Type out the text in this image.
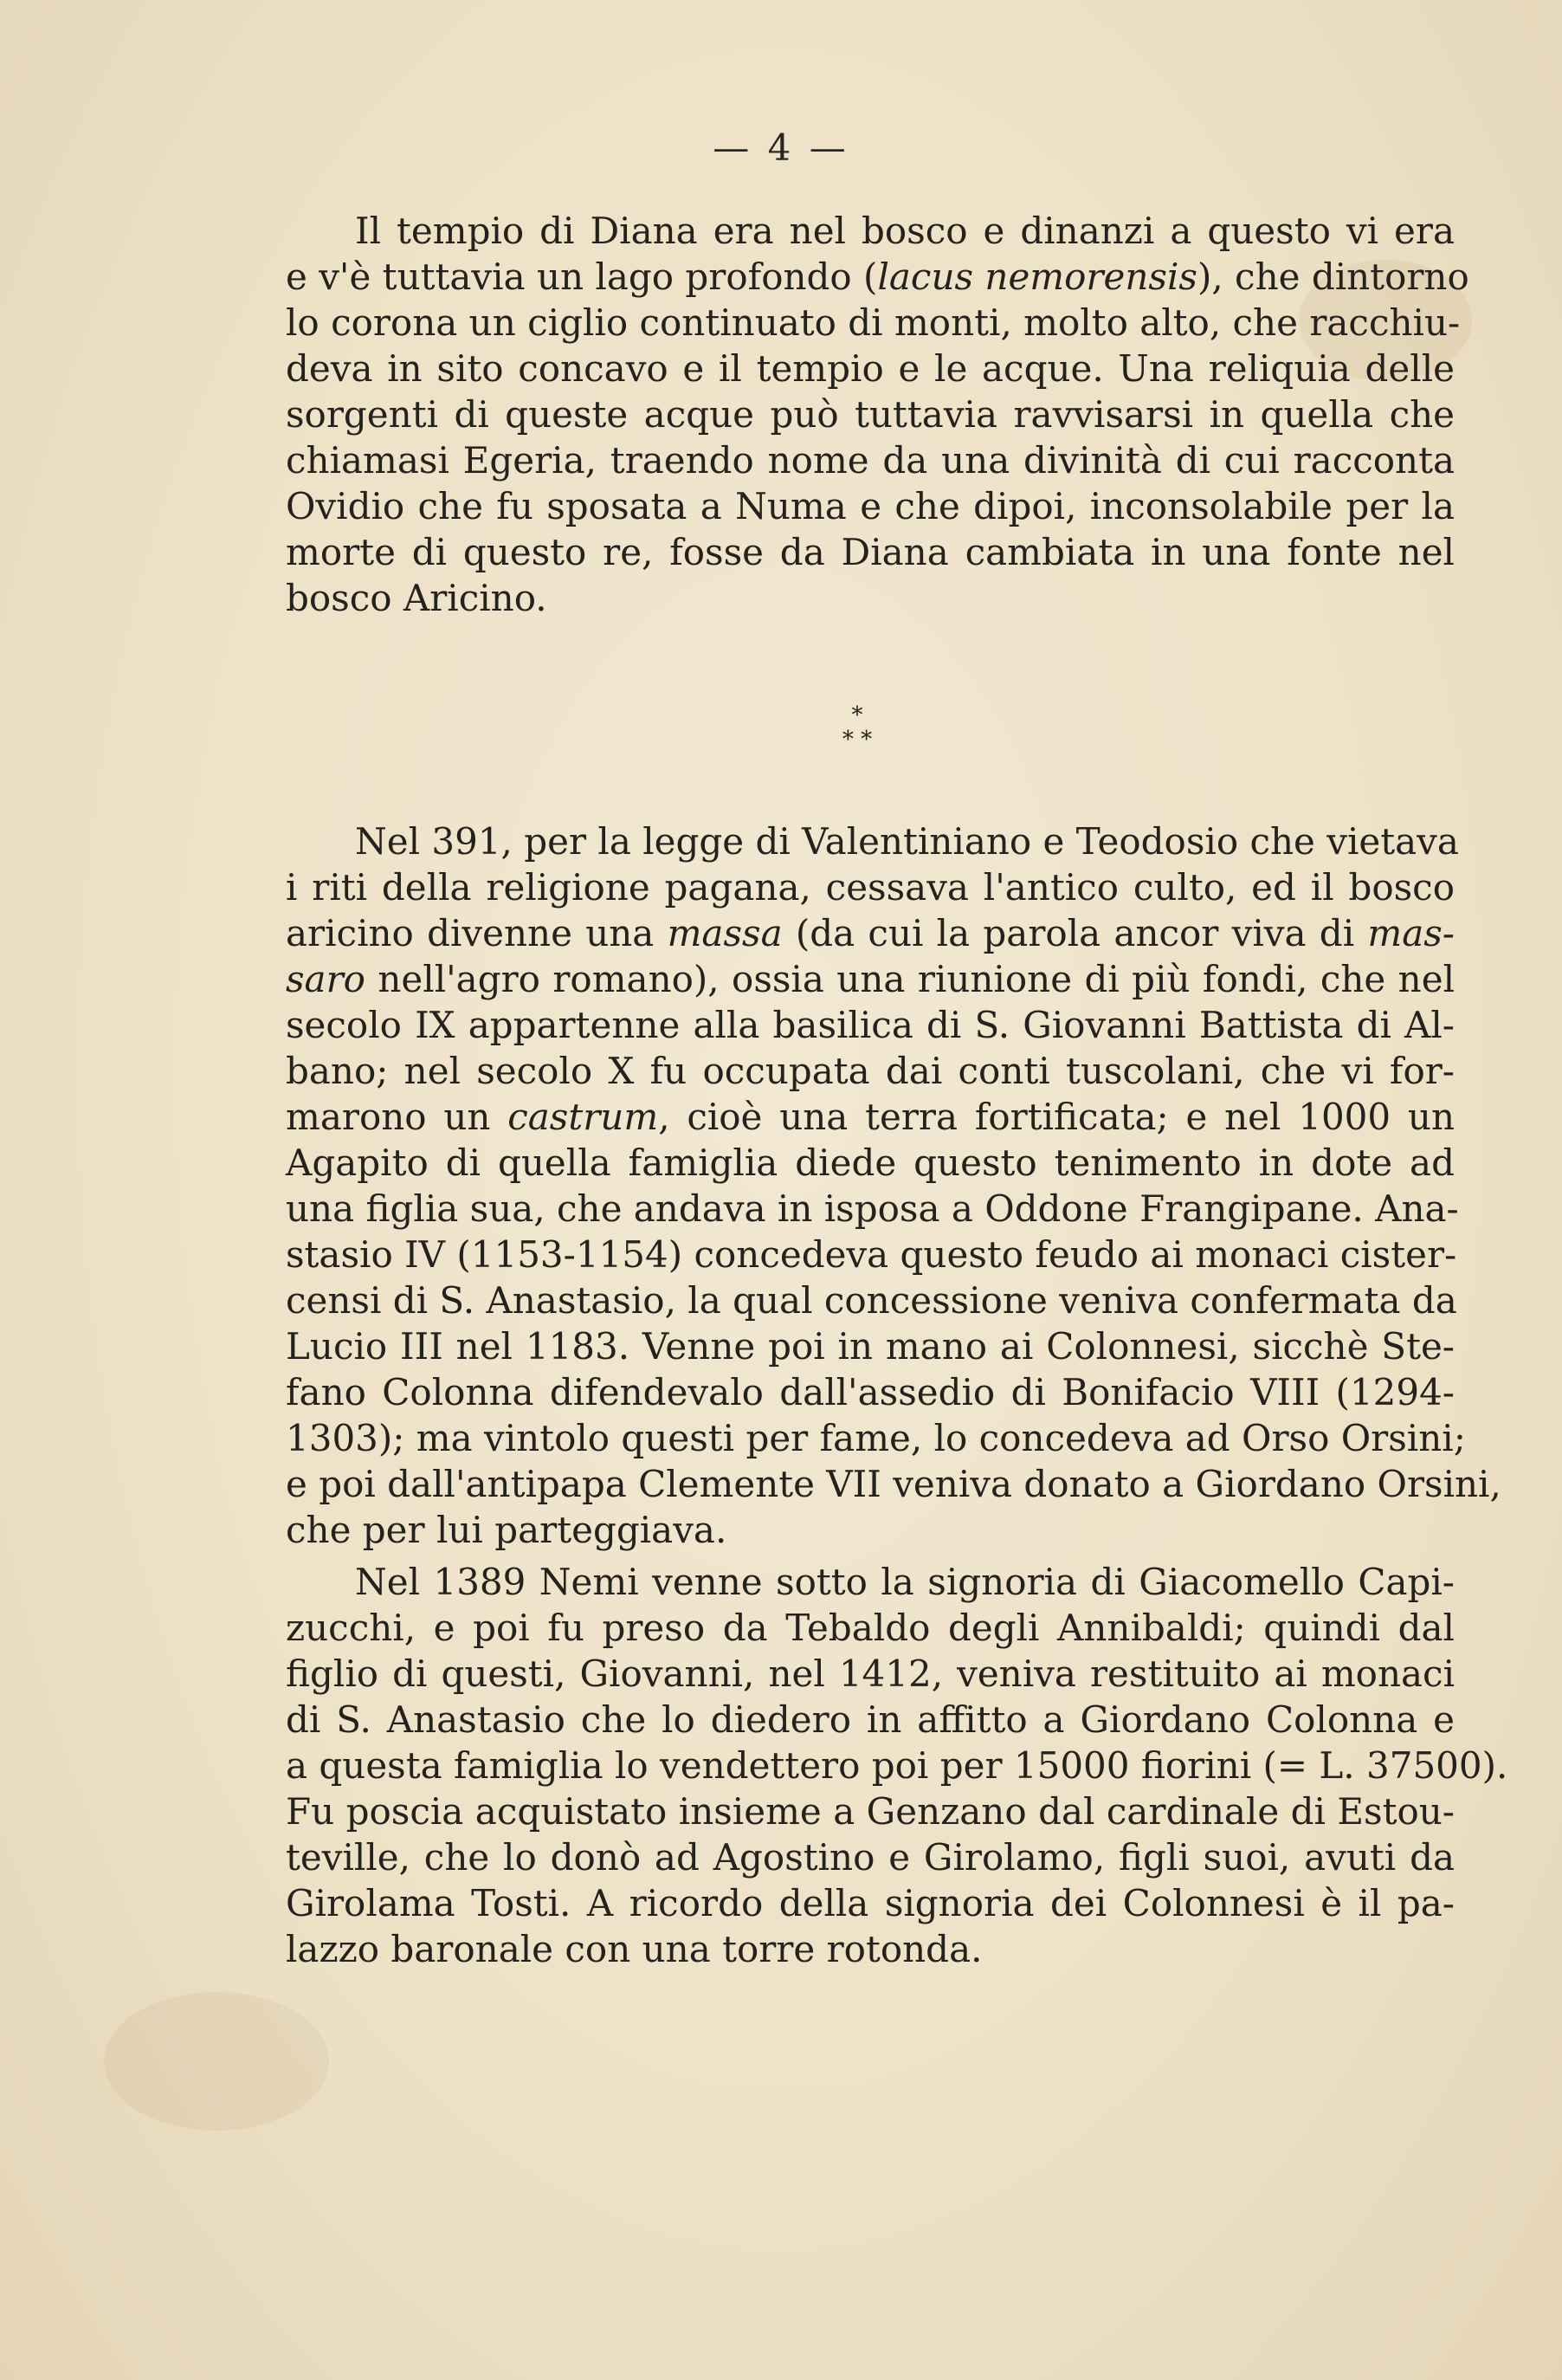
— 4 —

Il tempio di Diana era nel bosco e dinanzi a questo vi era
e v'è tuttavia un lago profondo (lacus nemorensis), che dintorno
lo corona un ciglio continuato di monti, molto alto, che racchiu-
deva in sito concavo e il tempio e le acque. Una reliquia delle
sorgenti di queste acque può tuttavia ravvisarsi in quella che
chiamasi Egeria, traendo nome da una divinità di cui racconta
Ovidio che fu sposata a Numa e che dipoi, inconsolabile per la
morte di questo re, fosse da Diana cambiata in una fonte nel
bosco Aricino.

*
* *

Nel 391, per la legge di Valentiniano e Teodosio che vietava
i riti della religione pagana, cessava l'antico culto, ed il bosco
aricino divenne una massa (da cui la parola ancor viva di mas-
saro nell'agro romano), ossia una riunione di più fondi, che nel
secolo IX appartenne alla basilica di S. Giovanni Battista di Al-
bano; nel secolo X fu occupata dai conti tuscolani, che vi for-
marono un castrum, cioè una terra fortificata; e nel 1000 un
Agapito di quella famiglia diede questo tenimento in dote ad
una figlia sua, che andava in isposa a Oddone Frangipane. Ana-
stasio IV (1153-1154) concedeva questo feudo ai monaci cister-
censi di S. Anastasio, la qual concessione veniva confermata da
Lucio III nel 1183. Venne poi in mano ai Colonnesi, sicchè Ste-
fano Colonna difendevalo dall'assedio di Bonifacio VIII (1294-
1303); ma vintolo questi per fame, lo concedeva ad Orso Orsini;
e poi dall'antipapa Clemente VII veniva donato a Giordano Orsini,
che per lui parteggiava.

Nel 1389 Nemi venne sotto la signoria di Giacomello Capi-
zucchi, e poi fu preso da Tebaldo degli Annibaldi; quindi dal
figlio di questi, Giovanni, nel 1412, veniva restituito ai monaci
di S. Anastasio che lo diedero in affitto a Giordano Colonna e
a questa famiglia lo vendettero poi per 15000 fiorini (= L. 37500).
Fu poscia acquistato insieme a Genzano dal cardinale di Estou-
teville, che lo donò ad Agostino e Girolamo, figli suoi, avuti da
Girolama Tosti. A ricordo della signoria dei Colonnesi è il pa-
lazzo baronale con una torre rotonda.
